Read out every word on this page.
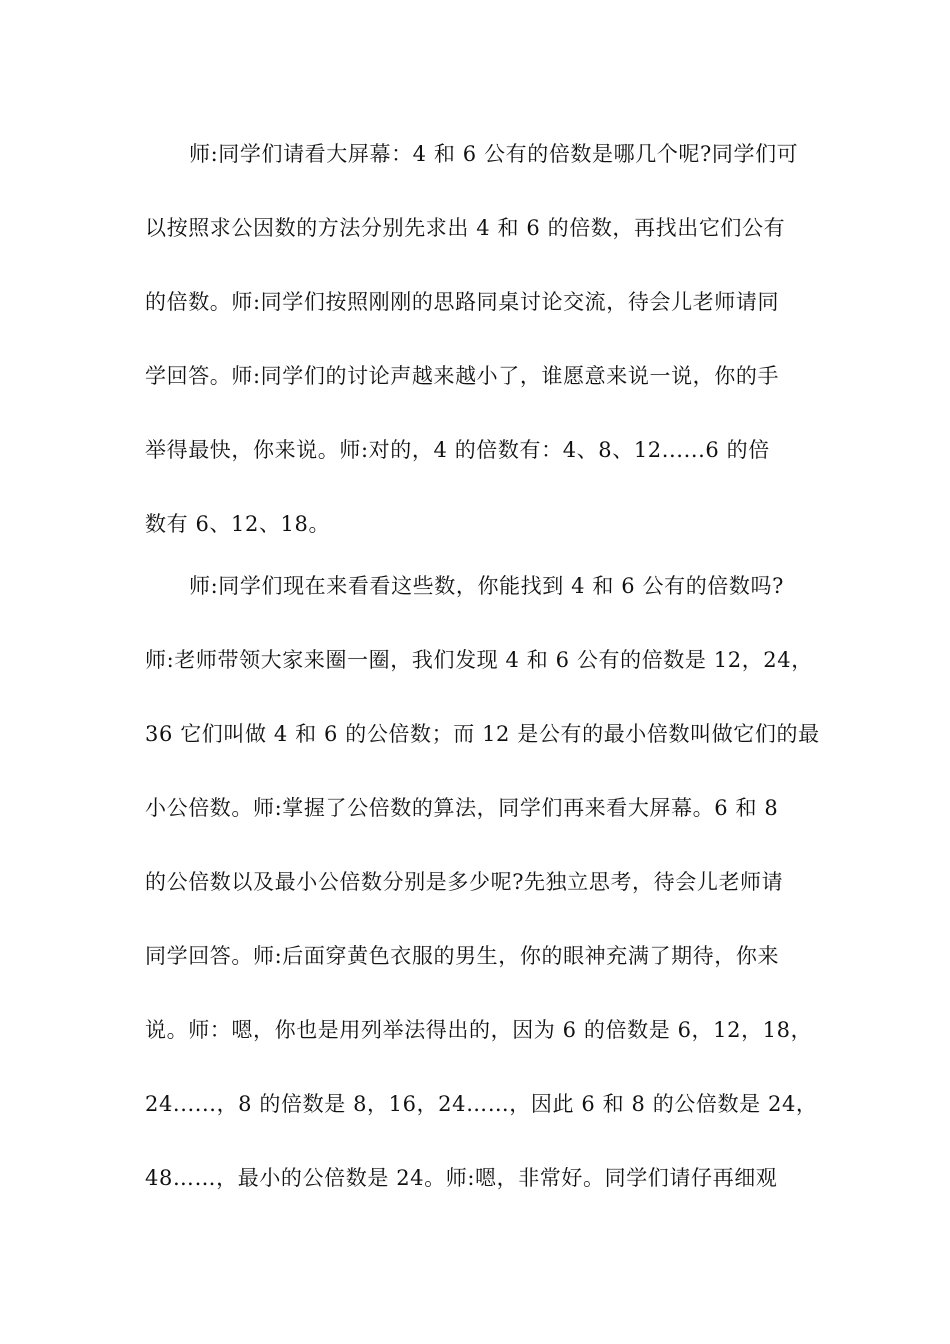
师:同学们请看大屏幕：4 和 6 公有的倍数是哪几个呢?同学们可
以按照求公因数的方法分别先求出 4 和 6 的倍数，再找出它们公有
的倍数。师:同学们按照刚刚的思路同桌讨论交流，待会儿老师请同
学回答。师:同学们的讨论声越来越小了，谁愿意来说一说，你的手
举得最快，你来说。师:对的，4 的倍数有：4、8、12......6 的倍
数有 6、12、18。
师:同学们现在来看看这些数，你能找到 4 和 6 公有的倍数吗?
师:老师带领大家来圈一圈，我们发现 4 和 6 公有的倍数是 12，24，
36 它们叫做 4 和 6 的公倍数；而 12 是公有的最小倍数叫做它们的最
小公倍数。师:掌握了公倍数的算法，同学们再来看大屏幕。6 和 8
的公倍数以及最小公倍数分别是多少呢?先独立思考，待会儿老师请
同学回答。师:后面穿黄色衣服的男生，你的眼神充满了期待，你来
说。师：嗯，你也是用列举法得出的，因为 6 的倍数是 6，12，18，
24......，8 的倍数是 8，16，24……，因此 6 和 8 的公倍数是 24，
48……，最小的公倍数是 24。师:嗯，非常好。同学们请仔再细观
